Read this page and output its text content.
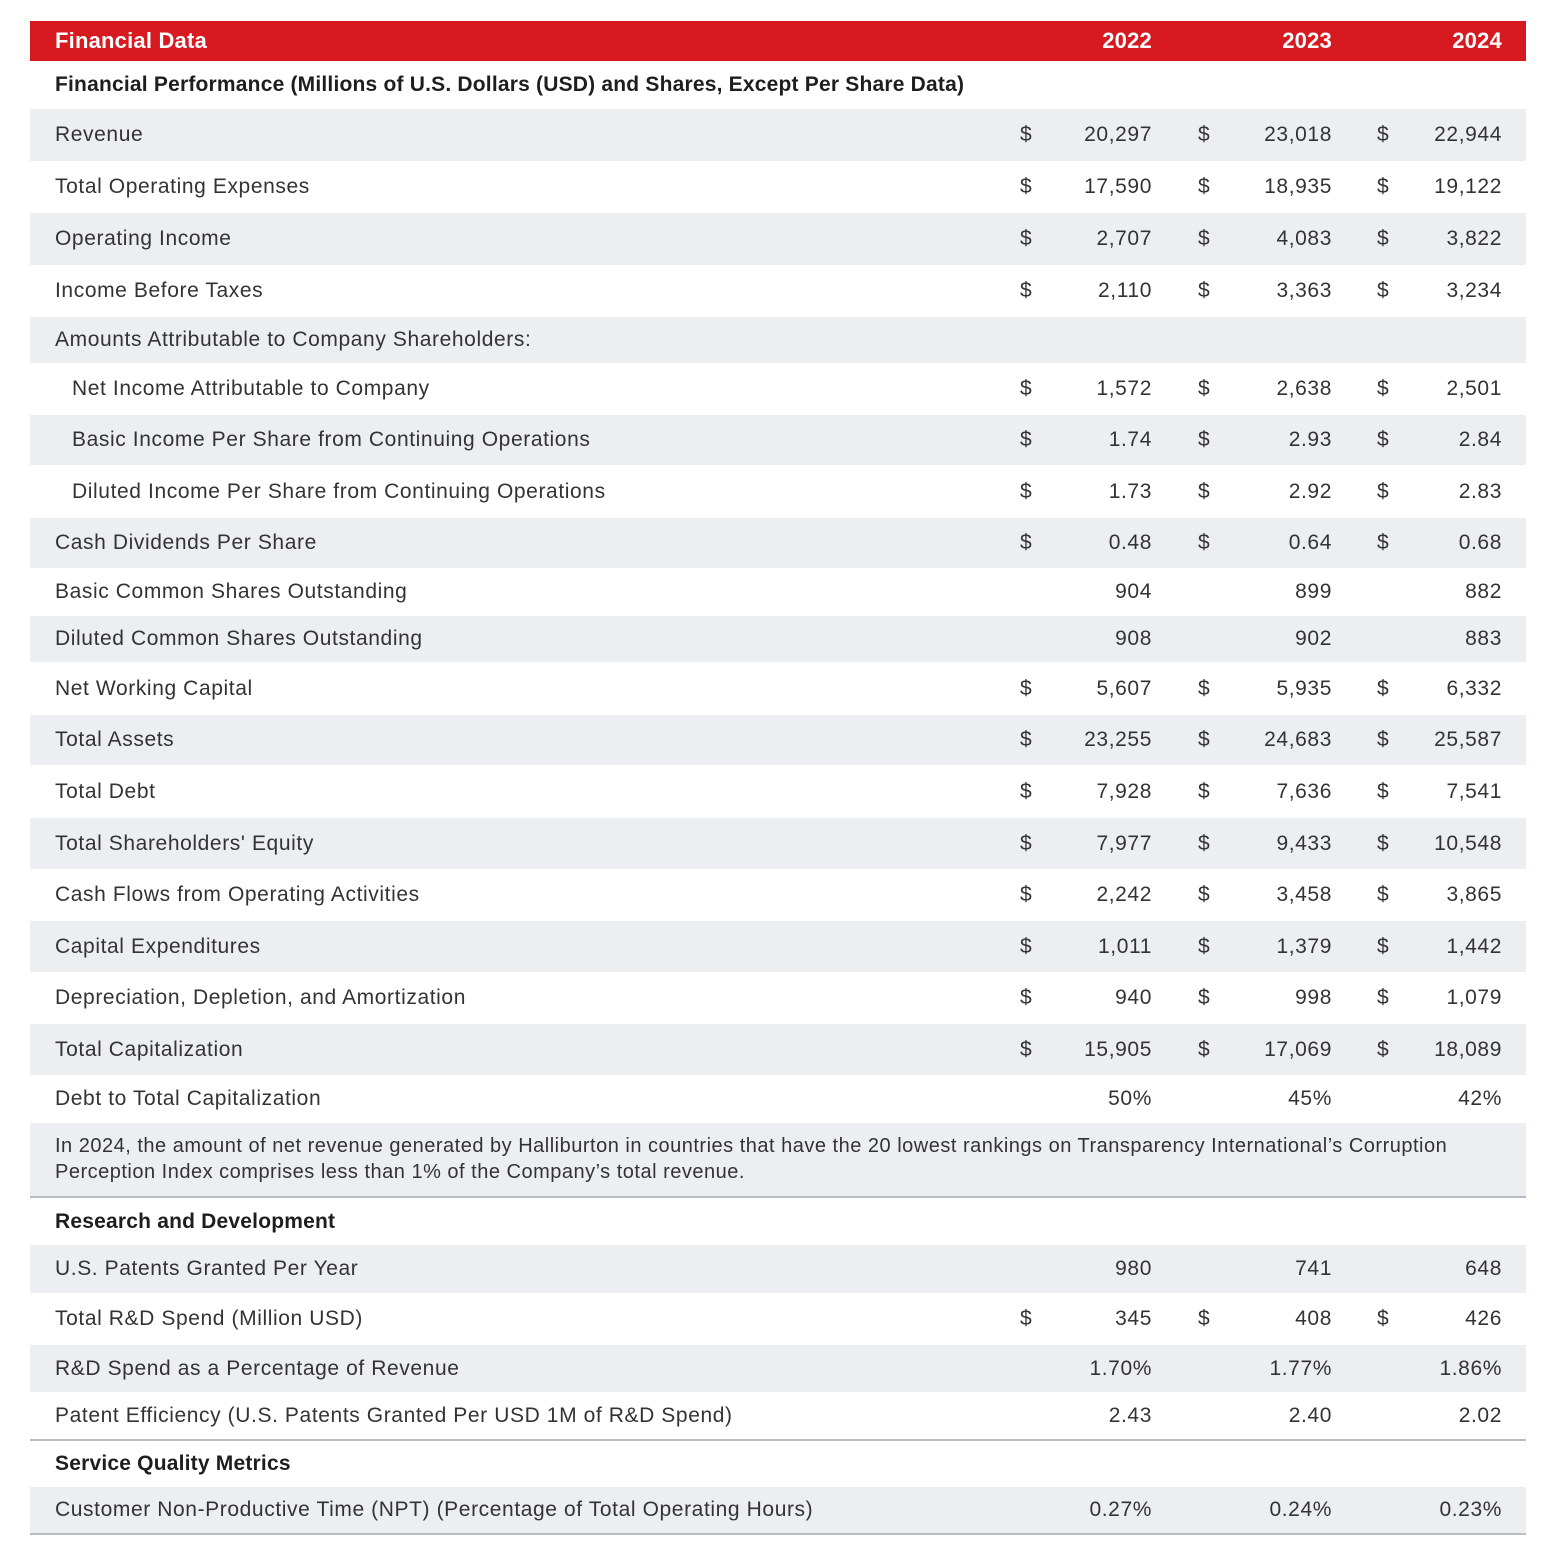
Financial Data	2022	2023	2024
Financial Performance (Millions of U.S. Dollars (USD) and Shares, Except Per Share Data)
Revenue	$	20,297 $	23,018 $	22,944
Total Operating Expenses	$	17,590 $	18,935 $	19,122
Operating Income	$	2,707 $	4,083 $	3,822
Income Before Taxes	$	2,110 $	3,363 $	3,234
Amounts Attributable to Company Shareholders:
Net Income Attributable to Company	$	1,572 $	2,638 $	2,501
Basic Income Per Share from Continuing Operations	$	1.74 $	2.93 $	2.84
Diluted Income Per Share from Continuing Operations	$	1.73 $	2.92 $	2.83
Cash Dividends Per Share	$	0.48 $	0.64 $	0.68
Basic Common Shares Outstanding	904	899	882
Diluted Common Shares Outstanding	908	902	883
Net Working Capital	$	5,607 $	5,935 $	6,332
Total Assets	$	23,255 $	24,683 $	25,587
Total Debt	$	7,928 $	7,636 $	7,541
Total Shareholders' Equity	$	7,977 $	9,433 $	10,548
Cash Flows from Operating Activities	$	2,242 $	3,458 $	3,865
Capital Expenditures	$	1,011 $	1,379 $	1,442
Depreciation, Depletion, and Amortization	$	940 $	998 $	1,079
Total Capitalization	$	15,905 $	17,069 $	18,089
Debt to Total Capitalization	50%	45%	42%
In 2024, the amount of net revenue generated by Halliburton in countries that have the 20 lowest rankings on Transparency International’s Corruption Perception Index comprises less than 1% of the Company’s total revenue.
Research and Development
U.S. Patents Granted Per Year	980	741	648
Total R&D Spend (Million USD)	$	345 $	408 $	426
R&D Spend as a Percentage of Revenue	1.70%	1.77%	1.86%
Patent Efficiency (U.S. Patents Granted Per USD 1M of R&D Spend)	2.43	2.40	2.02
Service Quality Metrics
Customer Non-Productive Time (NPT) (Percentage of Total Operating Hours)	0.27%	0.24%	0.23%
